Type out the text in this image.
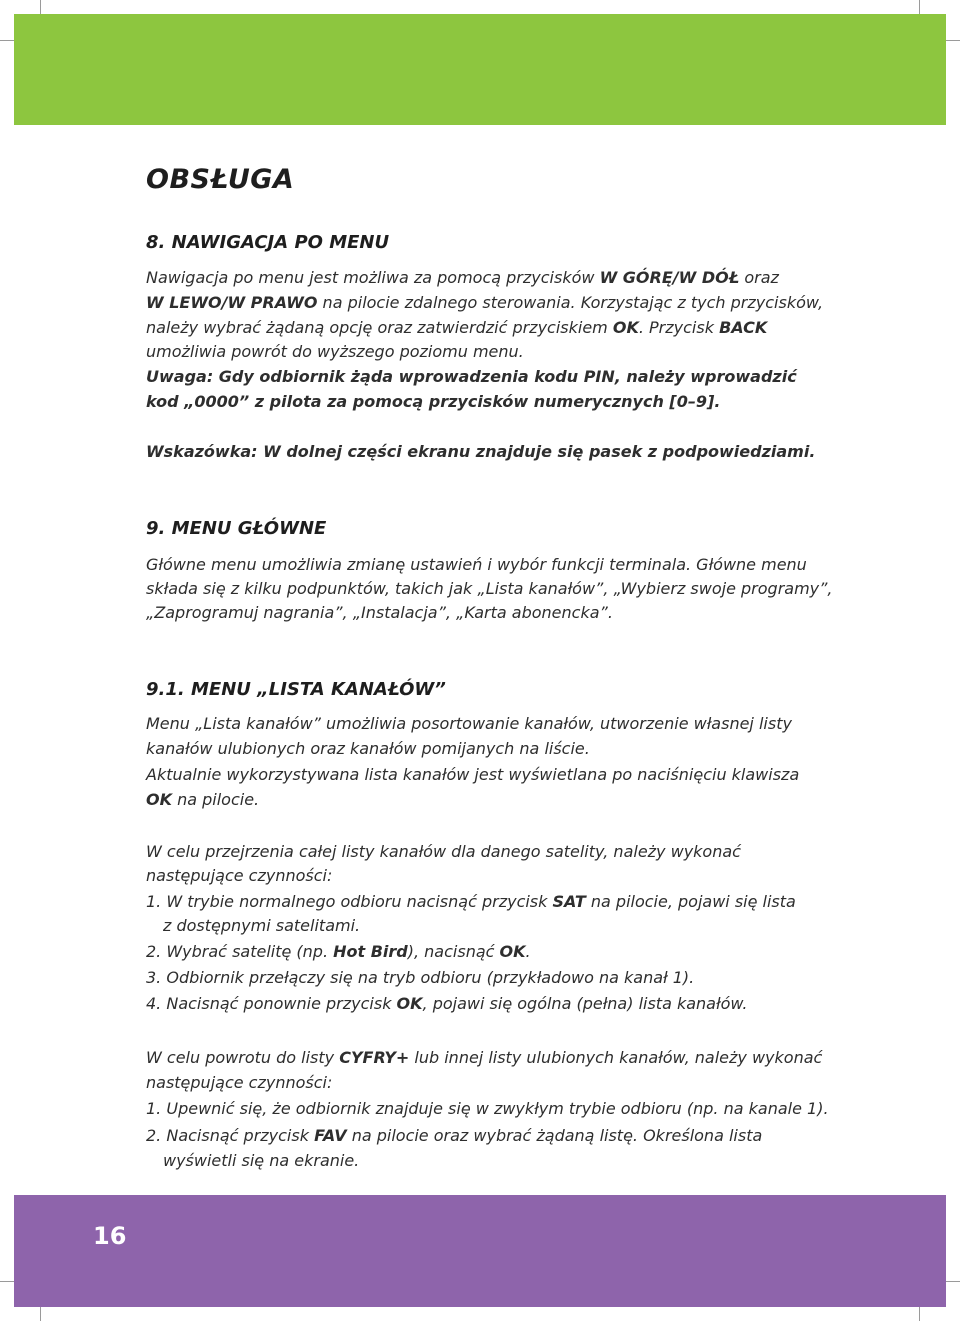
OBSŁUGA
8. NAWIGACJA PO MENU
Nawigacja po menu jest możliwa za pomocą przycisków W GÓRĘ/W DÓŁ oraz
W LEWO/W PRAWO na pilocie zdalnego sterowania. Korzystając z tych przycisków,
należy wybrać żądaną opcję oraz zatwierdzić przyciskiem OK. Przycisk BACK
umożliwia powrót do wyższego poziomu menu.
Uwaga: Gdy odbiornik żąda wprowadzenia kodu PIN, należy wprowadzić
kod „0000” z pilota za pomocą przycisków numerycznych [0–9].
Wskazówka: W dolnej części ekranu znajduje się pasek z podpowiedziami.
9. MENU GŁÓWNE
Główne menu umożliwia zmianę ustawień i wybór funkcji terminala. Główne menu
składa się z kilku podpunktów, takich jak „Lista kanałów”, „Wybierz swoje programy”,
„Zaprogramuj nagrania”, „Instalacja”, „Karta abonencka”.
9.1. MENU „LISTA KANAŁÓW”
Menu „Lista kanałów” umożliwia posortowanie kanałów, utworzenie własnej listy
kanałów ulubionych oraz kanałów pomijanych na liście.
Aktualnie wykorzystywana lista kanałów jest wyświetlana po naciśnięciu klawisza
OK na pilocie.
W celu przejrzenia całej listy kanałów dla danego satelity, należy wykonać
następujące czynności:
1. W trybie normalnego odbioru nacisnąć przycisk SAT na pilocie, pojawi się lista
z dostępnymi satelitami.
2. Wybrać satelitę (np. Hot Bird), nacisnąć OK.
3. Odbiornik przełączy się na tryb odbioru (przykładowo na kanał 1).
4. Nacisnąć ponownie przycisk OK, pojawi się ogólna (pełna) lista kanałów.
W celu powrotu do listy CYFRY+ lub innej listy ulubionych kanałów, należy wykonać
następujące czynności:
1. Upewnić się, że odbiornik znajduje się w zwykłym trybie odbioru (np. na kanale 1).
2. Nacisnąć przycisk FAV na pilocie oraz wybrać żądaną listę. Określona lista
wyświetli się na ekranie.
16
